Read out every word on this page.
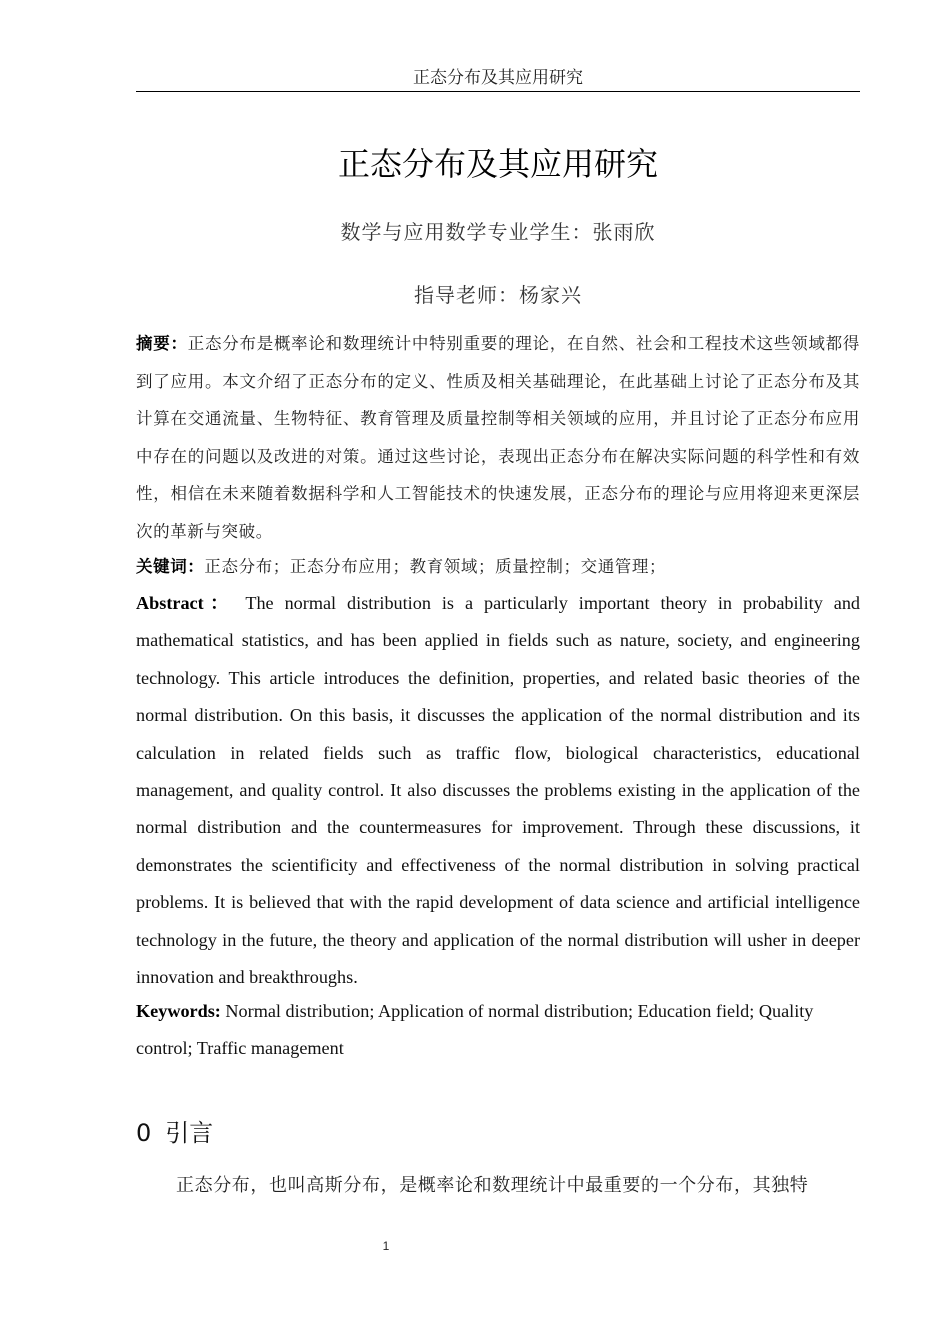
正态分布及其应用研究
正态分布及其应用研究
数学与应用数学专业学生：张雨欣
指导老师：杨家兴
摘要：正态分布是概率论和数理统计中特别重要的理论，在自然、社会和工程技术这些领域都得到了应用。本文介绍了正态分布的定义、性质及相关基础理论，在此基础上讨论了正态分布及其计算在交通流量、生物特征、教育管理及质量控制等相关领域的应用，并且讨论了正态分布应用中存在的问题以及改进的对策。通过这些讨论，表现出正态分布在解决实际问题的科学性和有效性，相信在未来随着数据科学和人工智能技术的快速发展，正态分布的理论与应用将迎来更深层次的革新与突破。
关键词：正态分布；正态分布应用；教育领域；质量控制；交通管理；
Abstract： The normal distribution is a particularly important theory in probability and mathematical statistics, and has been applied in fields such as nature, society, and engineering technology. This article introduces the definition, properties, and related basic theories of the normal distribution. On this basis, it discusses the application of the normal distribution and its calculation in related fields such as traffic flow, biological characteristics, educational management, and quality control. It also discusses the problems existing in the application of the normal distribution and the countermeasures for improvement. Through these discussions, it demonstrates the scientificity and effectiveness of the normal distribution in solving practical problems. It is believed that with the rapid development of data science and artificial intelligence technology in the future, the theory and application of the normal distribution will usher in deeper innovation and breakthroughs.
Keywords: Normal distribution; Application of normal distribution; Education field; Quality control; Traffic management
0 引言
正态分布，也叫高斯分布，是概率论和数理统计中最重要的一个分布，其独特
1
